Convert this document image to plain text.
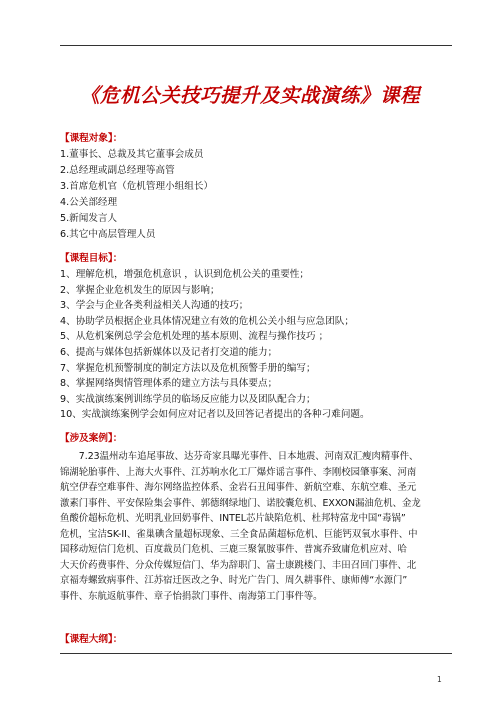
《危机公关技巧提升及实战演练》课程
【课程对象】：
1.董事长、总裁及其它董事会成员
2.总经理或副总经理等高管
3.首席危机官（危机管理小组组长）
4.公关部经理
5.新闻发言人
6.其它中高层管理人员
【课程目标】：
1、理解危机，增强危机意识 ，认识到危机公关的重要性；
2、掌握企业危机发生的原因与影响；
3、学会与企业各类利益相关人沟通的技巧；
4、协助学员根据企业具体情况建立有效的危机公关小组与应急团队；
5、从危机案例总学会危机处理的基本原则、流程与操作技巧 ；
6、提高与媒体包括新媒体以及记者打交道的能力；
7、掌握危机预警制度的制定方法以及危机预警手册的编写；
8、掌握网络舆情管理体系的建立方法与具体要点；
9、实战演练案例训练学员的临场反应能力以及团队配合力；
10、实战演练案例学会如何应对记者以及回答记者提出的各种刁难问题。
【涉及案例】：
　　7.23温州动车追尾事故、达芬奇家具曝光事件、日本地震、河南双汇瘦肉精事件、
锦湖轮胎事件、上海大火事件、江苏响水化工厂爆炸谣言事件、李刚校园肇事案、河南
航空伊春空难事件、海尔网络监控体系、金岩石丑闻事件、新航空难、东航空难、圣元
激素门事件、平安保险集会事件、郭德纲绿地门、诺胶囊危机、EXXON漏油危机、金龙
鱼酸价超标危机、光明乳业回奶事件、INTEL芯片缺陷危机、杜邦特富龙中国“毒锅”
危机，宝洁SK-II、雀巢碘含量超标现象、三全食品菌超标危机、巨能钙双氧水事件、中
国移动短信门危机、百度裁员门危机、三鹿三聚氰胺事件、普寓乔致庸危机应对、哈
大天价药费事件、分众传媒短信门、华为辞职门、富士康跳楼门、丰田召回门事件、北
京福寿螺致病事件、江苏宿迁医改之争、时光广告门、周久耕事件、康师傅“水源门”
事件、东航返航事件、章子怡捐款门事件、南海第工门事件等。
【课程大纲】：
1
